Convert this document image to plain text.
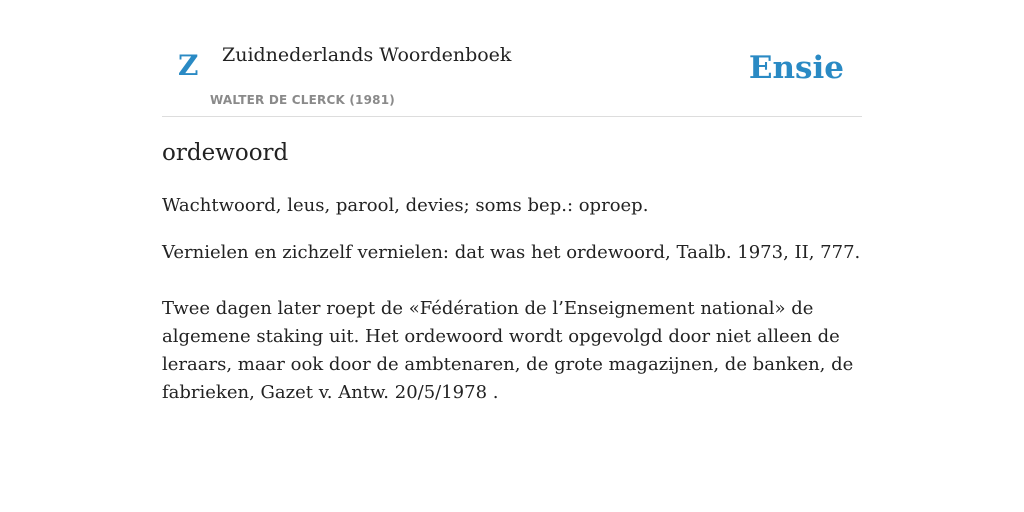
Z Zuidnederlands Woordenboek
WALTER DE CLERCK (1981)
Ensie
ordewoord

Wachtwoord, leus, parool, devies; soms bep.: oproep.

Vernielen en zichzelf vernielen: dat was het ordewoord, Taalb. 1973, II, 777.

Twee dagen later roept de «Fédération de l’Enseignement national» de algemene staking uit. Het ordewoord wordt opgevolgd door niet alleen de leraars, maar ook door de ambtenaren, de grote magazijnen, de banken, de fabrieken, Gazet v. Antw. 20/5/1978 .
